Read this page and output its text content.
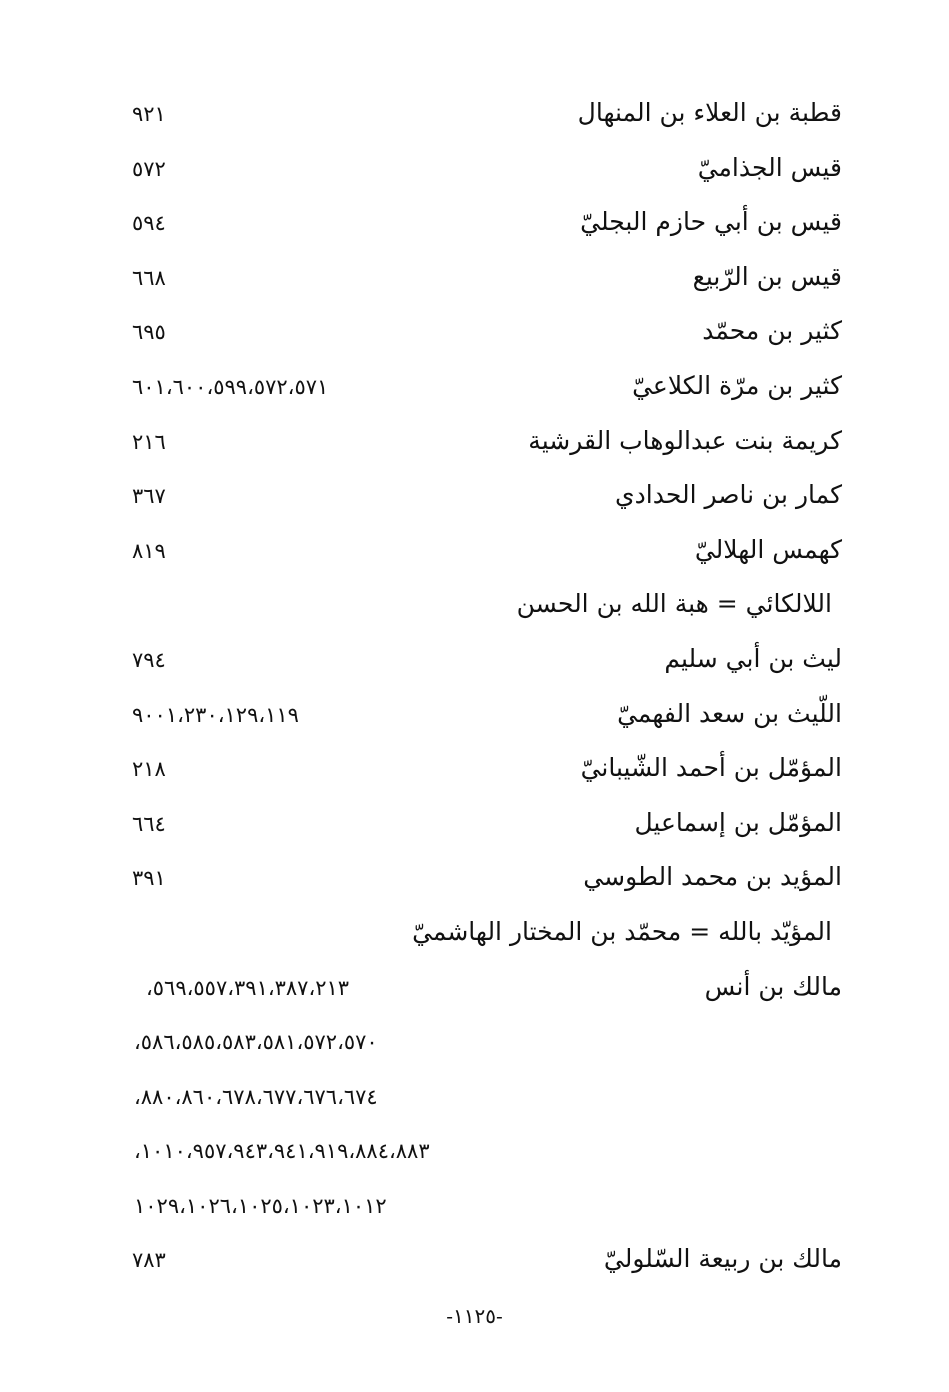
قطبة بن العلاء بن المنهال
٩٢١
قيس الجذاميّ
٥٧٢
قيس بن أبي حازم البجليّ
٥٩٤
قيس بن الرّبيع
٦٦٨
كثير بن محمّد
٦٩٥
كثير بن مرّة الكلاعيّ
٦٠١،٦٠٠،٥٩٩،٥٧٢،٥٧١
كريمة بنت عبدالوهاب القرشية
٢١٦
كمار بن ناصر الحدادي
٣٦٧
كهمس الهلاليّ
٨١٩
اللالكائي = هبة الله بن الحسن
ليث بن أبي سليم
٧٩٤
اللّيث بن سعد الفهميّ
٩٠٠١،٢٣٠،١٢٩،١١٩
المؤمّل بن أحمد الشّيبانيّ
٢١٨
المؤمّل بن إسماعيل
٦٦٤
المؤيد بن محمد الطوسي
٣٩١
المؤيّد بالله = محمّد بن المختار الهاشميّ
مالك بن أنس
٥٦٩،٥٥٧،٣٩١،٣٨٧،٢١٣،
٥٨٦،٥٨٥،٥٨٣،٥٨١،٥٧٢،٥٧٠،
٨٨٠،٨٦٠،٦٧٨،٦٧٧،٦٧٦،٦٧٤،
١٠١٠،٩٥٧،٩٤٣،٩٤١،٩١٩،٨٨٤،٨٨٣،
١٠٢٩،١٠٢٦،١٠٢٥،١٠٢٣،١٠١٢
مالك بن ربيعة السّلوليّ
٧٨٣
-١١٢٥-
